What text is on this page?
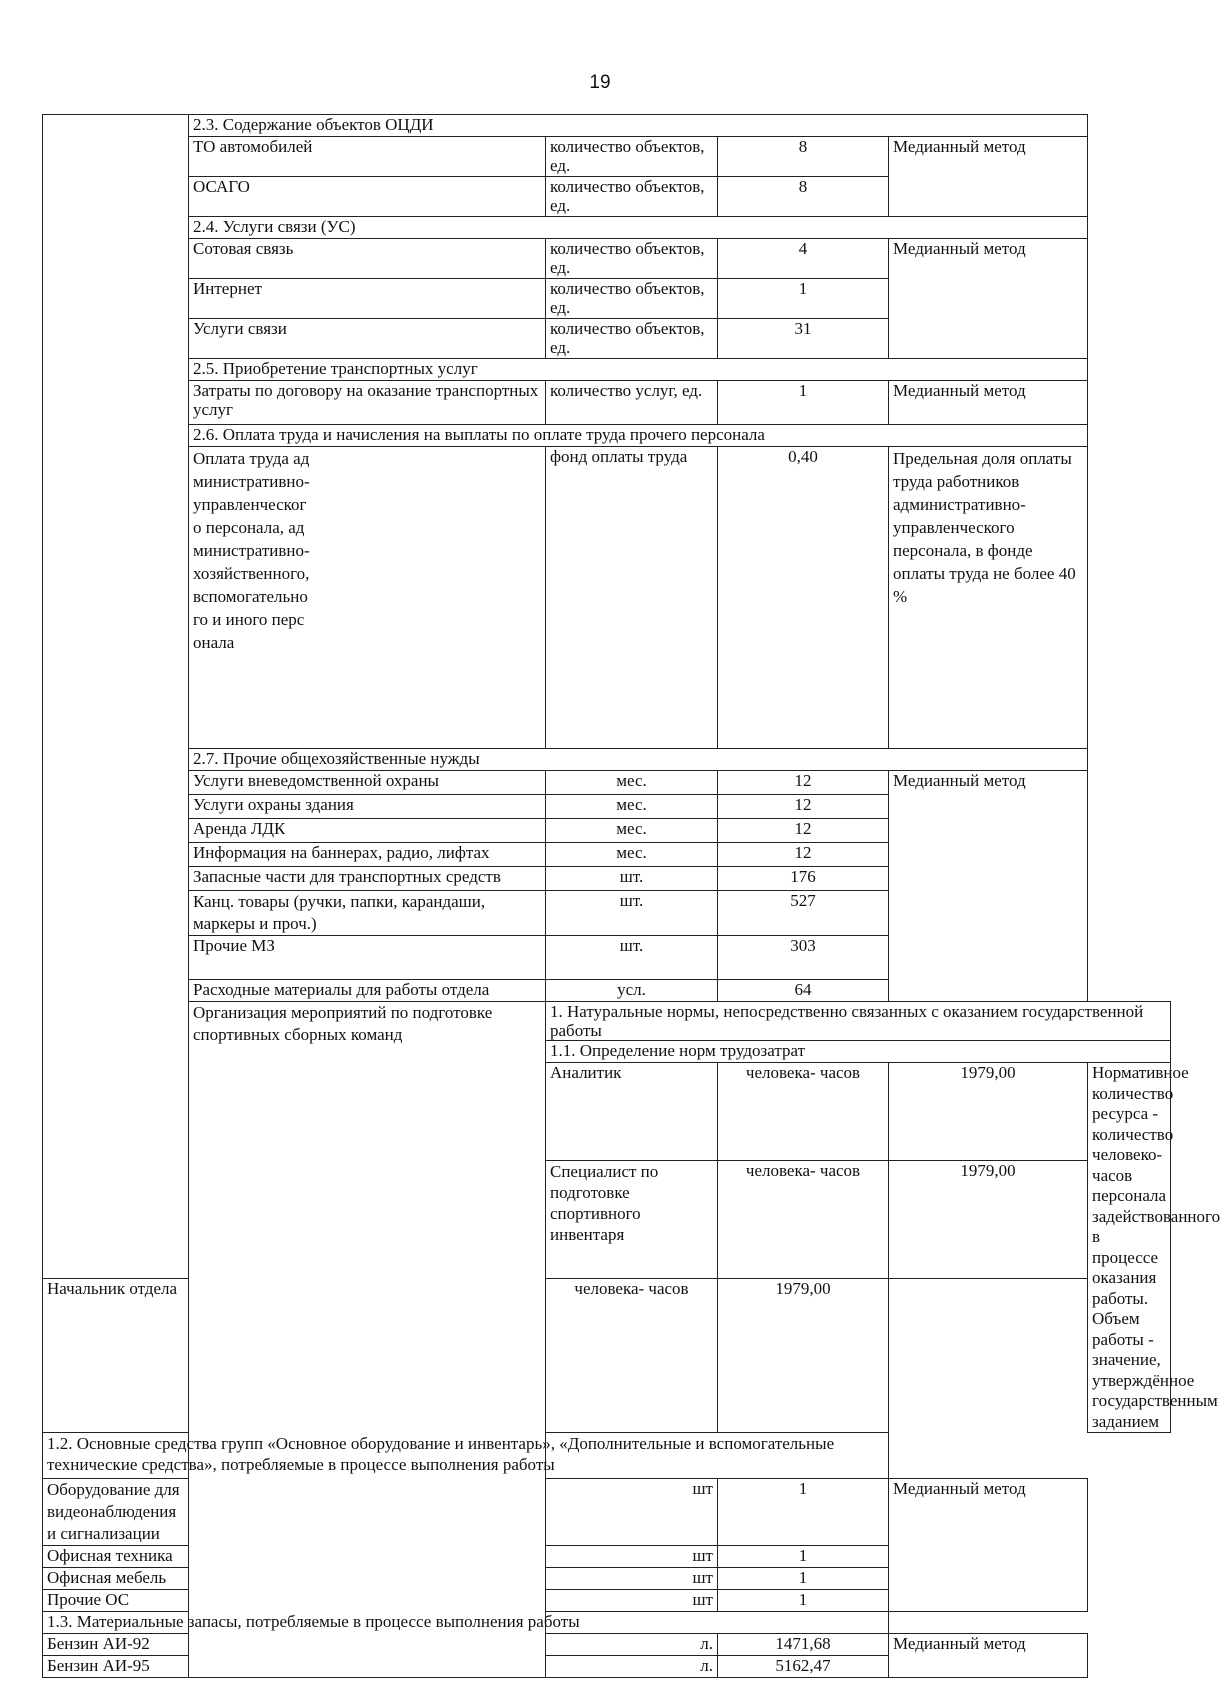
19
	2.3. Содержание объектов ОЦДИ				
	ТО автомобилей	количество объектов, ед.	8	Медианный метод	
	ОСАГО	количество объектов, ед.	8		
	2.4. Услуги связи (УС)				
	Сотовая связь	количество объектов, ед.	4	Медианный метод	
	Интернет	количество объектов, ед.	1		
	Услуги связи	количество объектов, ед.	31		
	2.5. Приобретение транспортных услуг				
	Затраты по договору на оказание транспортных услуг	количество услуг, ед.	1	Медианный метод	
	2.6. Оплата труда и начисления на выплаты по оплате труда прочего персонала				

	Оплата труда административно-управленческого персонала, административно-хозяйственного, вспомогательного и иного персонала	фонд оплаты труда	0,40	Предельная доля оплаты труда работников административно-управленческого персонала, в фонде оплаты труда не более 40 %	
	2.7. Прочие общехозяйственные нужды				
	Услуги вневедомственной охраны	мес.	12	Медианный метод	
	Услуги охраны здания	мес.	12		
	Аренда ЛДК	мес.	12		
	Информация на баннерах, радио, лифтах	мес.	12		
	Запасные части для транспортных средств	шт.	176		
	Канц. товары (ручки, папки, карандаши, маркеры и проч.)	шт.	527		
	Прочие МЗ	шт.	303		
	Расходные материалы для работы отдела	усл.	64		
	Организация мероприятий по подготовке спортивных сборных команд	1. Натуральные нормы, непосредственно связанных с оказанием государственной работы			
		1.1. Определение норм трудозатрат			
		Аналитик	человека- часов	1979,00	Нормативное количество ресурса - количество человеко-часов персонала задействованного в процессе оказания работы. Объем работы - значение, утверждённое государственным заданием
		Специалист по подготовке спортивного инвентаря	человека- часов	1979,00	
Начальник отдела		человека- часов	1979,00		
1.2. Основные средства групп «Основное оборудование и инвентарь», «Дополнительные и вспомогательные технические средства», потребляемые в процессе выполнения работы					
Оборудование для видеонаблюдения и сигнализации		шт	1	Медианный метод	
Офисная техника		шт	1		
Офисная мебель		шт	1		
Прочие ОС		шт	1		
1.3. Материальные запасы, потребляемые в процессе выполнения работы					
Бензин АИ-92		л.	1471,68	Медианный метод	
Бензин АИ-95		л.	5162,47		
